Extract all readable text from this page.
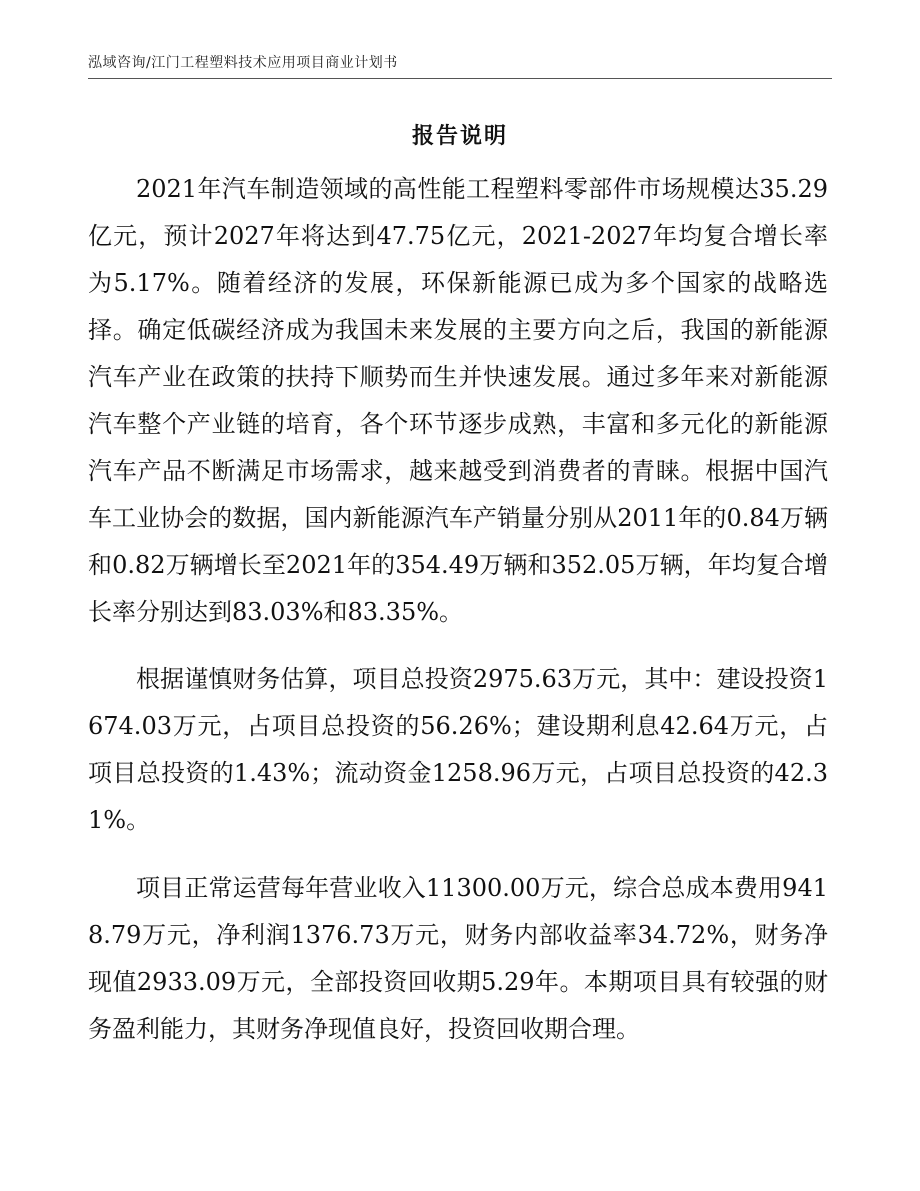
泓域咨询/江门工程塑料技术应用项目商业计划书
报告说明

2021年汽车制造领域的高性能工程塑料零部件市场规模达35.29亿元，预计2027年将达到47.75亿元，2021-2027年均复合增长率为5.17%。随着经济的发展，环保新能源已成为多个国家的战略选择。确定低碳经济成为我国未来发展的主要方向之后，我国的新能源汽车产业在政策的扶持下顺势而生并快速发展。通过多年来对新能源汽车整个产业链的培育，各个环节逐步成熟，丰富和多元化的新能源汽车产品不断满足市场需求，越来越受到消费者的青睐。根据中国汽车工业协会的数据，国内新能源汽车产销量分别从2011年的0.84万辆和0.82万辆增长至2021年的354.49万辆和352.05万辆，年均复合增长率分别达到83.03%和83.35%。

根据谨慎财务估算，项目总投资2975.63万元，其中：建设投资1674.03万元，占项目总投资的56.26%；建设期利息42.64万元，占项目总投资的1.43%；流动资金1258.96万元，占项目总投资的42.31%。

项目正常运营每年营业收入11300.00万元，综合总成本费用9418.79万元，净利润1376.73万元，财务内部收益率34.72%，财务净现值2933.09万元，全部投资回收期5.29年。本期项目具有较强的财务盈利能力，其财务净现值良好，投资回收期合理。
